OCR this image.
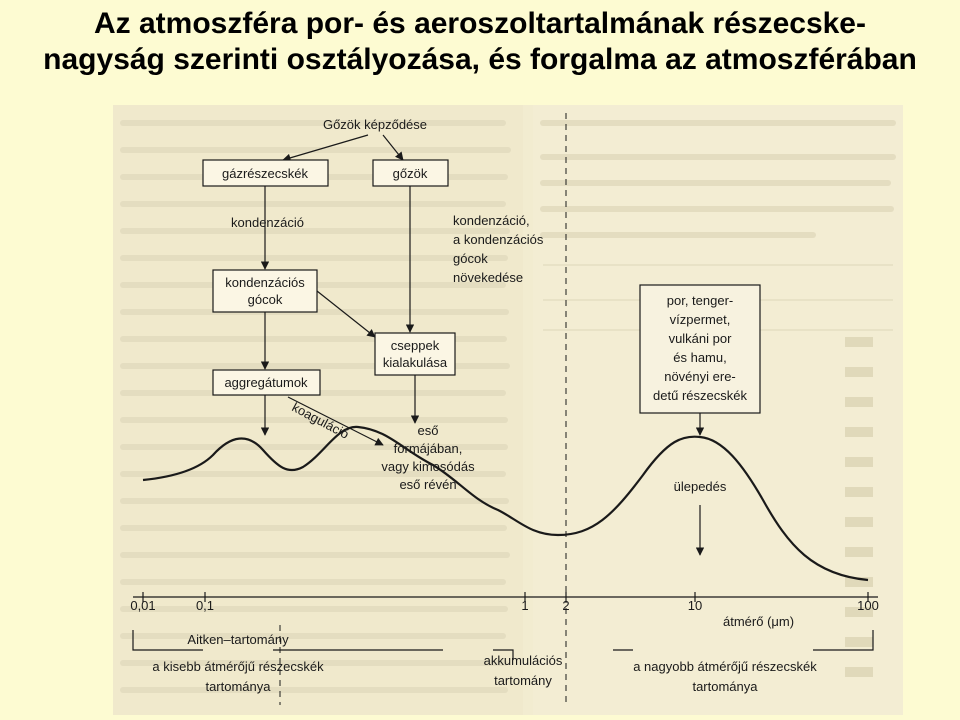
Az atmoszféra por- és aeroszoltartalmának részecske-
nagyság szerinti osztályozása, és forgalma az atmoszférában
Gőzök képződése
gázrészecskék	gőzök
kondenzációs
gócok
cseppek
kialakulása
aggregátumok
por, tenger-
vízpermet,
vulkáni por
és hamu,
növényi ere-
detű részecskék
kondenzáció	kondenzáció,
a kondenzációs
gócok
növekedése
koaguláció	eső
formájában,
vagy kimosódás
eső révén	ülepedés
0,01	0,1	1	2	10	100
átmérő (μm)
Aitken–tartomány
a kisebb átmérőjű részecskék
tartománya
akkumulációs
tartomány
a nagyobb átmérőjű részecskék
tartománya
